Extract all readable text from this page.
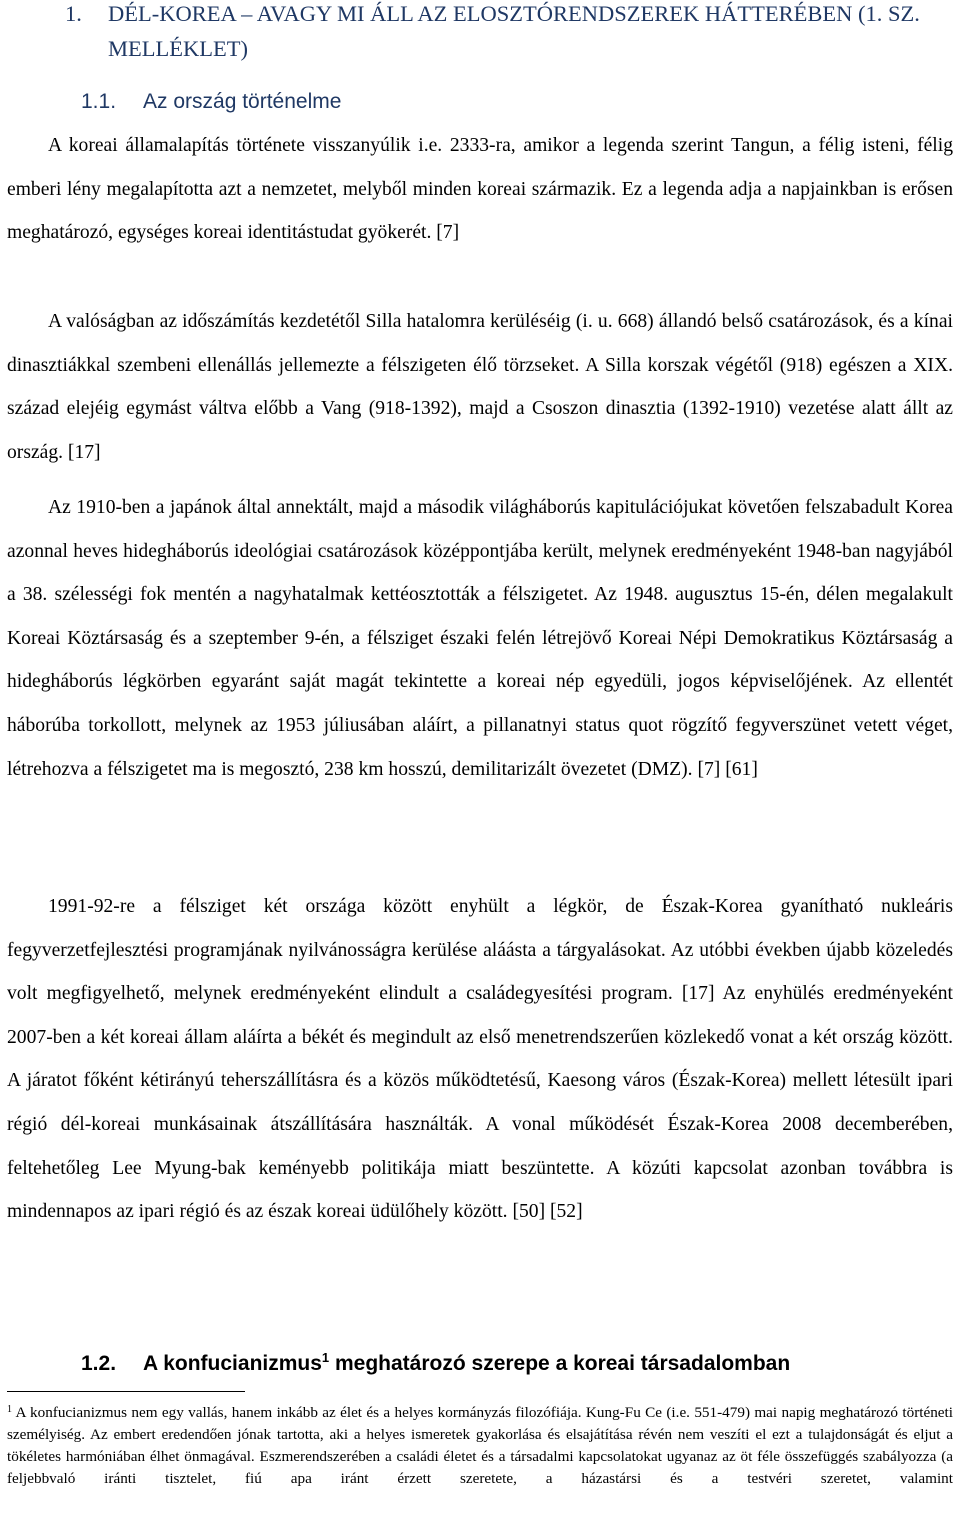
1. DÉL-KOREA – AVAGY MI ÁLL AZ ELOSZTÓRENDSZEREK HÁTTERÉBEN (1. SZ.
MELLÉKLET)
1.1. Az ország történelme

A koreai államalapítás története visszanyúlik i.e. 2333-ra, amikor a legenda szerint Tangun, a félig isteni, félig emberi lény megalapította azt a nemzetet, melyből minden koreai származik. Ez a legenda adja a napjainkban is erősen meghatározó, egységes koreai identitástudat gyökerét. [7]

A valóságban az időszámítás kezdetétől Silla hatalomra kerüléséig (i. u. 668) állandó belső csatározások, és a kínai dinasztiákkal szembeni ellenállás jellemezte a félszigeten élő törzseket. A Silla korszak végétől (918) egészen a XIX. század elejéig egymást váltva előbb a Vang (918-1392), majd a Csoszon dinasztia (1392-1910) vezetése alatt állt az ország. [17]

Az 1910-ben a japánok által annektált, majd a második világháborús kapitulációjukat követően felszabadult Korea azonnal heves hidegháborús ideológiai csatározások középpontjába került, melynek eredményeként 1948-ban nagyjából a 38. szélességi fok mentén a nagyhatalmak kettéosztották a félszigetet. Az 1948. augusztus 15-én, délen megalakult Koreai Köztársaság és a szeptember 9-én, a félsziget északi felén létrejövő Koreai Népi Demokratikus Köztársaság a hidegháborús légkörben egyaránt saját magát tekintette a koreai nép egyedüli, jogos képviselőjének. Az ellentét háborúba torkollott, melynek az 1953 júliusában aláírt, a pillanatnyi status quot rögzítő fegyverszünet vetett véget, létrehozva a félszigetet ma is megosztó, 238 km hosszú, demilitarizált övezetet (DMZ). [7] [61]

1991-92-re a félsziget két országa között enyhült a légkör, de Észak-Korea gyanítható nukleáris fegyverzetfejlesztési programjának nyilvánosságra kerülése aláásta a tárgyalásokat. Az utóbbi években újabb közeledés volt megfigyelhető, melynek eredményeként elindult a családegyesítési program. [17] Az enyhülés eredményeként 2007-ben a két koreai állam aláírta a békét és megindult az első menetrendszerűen közlekedő vonat a két ország között. A járatot főként kétirányú teherszállításra és a közös működtetésű, Kaesong város (Észak-Korea) mellett létesült ipari régió dél-koreai munkásainak átszállítására használták. A vonal működését Észak-Korea 2008 decemberében, feltehetőleg Lee Myung-bak keményebb politikája miatt beszüntette. A közúti kapcsolat azonban továbbra is mindennapos az ipari régió és az észak koreai üdülőhely között. [50] [52]

1.2. A konfucianizmus$^1$ meghatározó szerepe a koreai társadalomban

$^1$ A konfucianizmus nem egy vallás, hanem inkább az élet és a helyes kormányzás filozófiája. Kung-Fu Ce (i.e. 551-479) mai napig meghatározó történeti személyiség. Az embert eredendően jónak tartotta, aki a helyes ismeretek gyakorlása és elsajátítása révén nem veszíti el ezt a tulajdonságát és eljut a tökéletes harmóniában élhet önmagával. Eszmerendszerében a családi életet és a társadalmi kapcsolatokat ugyanaz az öt féle összefüggés szabályozza (a feljebbvaló iránti tisztelet, fiú apa iránt érzett szeretete, a házastársi és a testvéri szeretet, valamint
